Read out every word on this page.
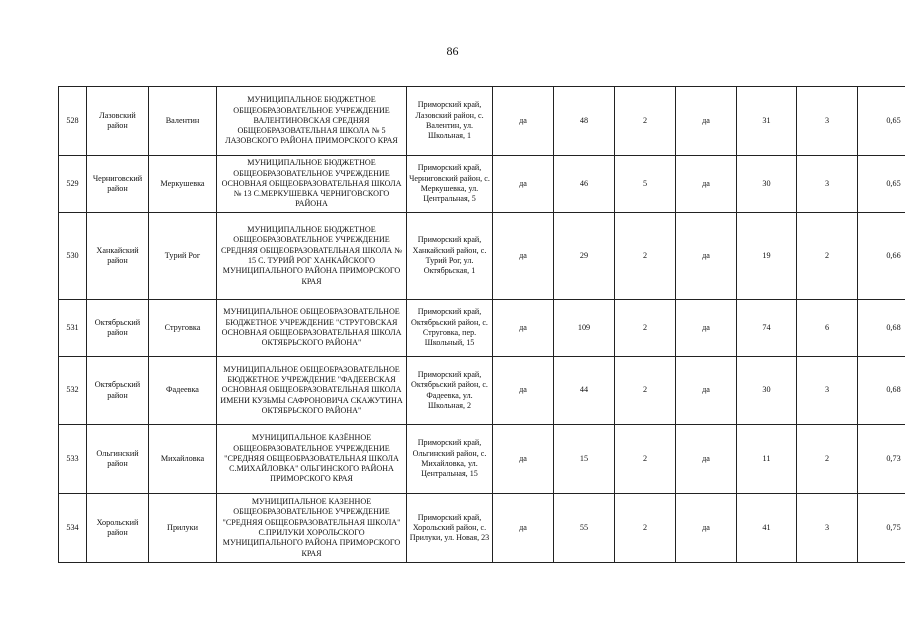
86
528	Лазовский район	Валентин	МУНИЦИПАЛЬНОЕ БЮДЖЕТНОЕ ОБЩЕОБРАЗОВАТЕЛЬНОЕ УЧРЕЖДЕНИЕ ВАЛЕНТИНОВСКАЯ СРЕДНЯЯ ОБЩЕОБРАЗОВАТЕЛЬНАЯ ШКОЛА № 5 ЛАЗОВСКОГО РАЙОНА ПРИМОРСКОГО КРАЯ	Приморский край, Лазовский район, с. Валентин, ул. Школьная, 1	да	48	2	да	31	3	0,65
529	Черниговский район	Меркушевка	МУНИЦИПАЛЬНОЕ БЮДЖЕТНОЕ ОБЩЕОБРАЗОВАТЕЛЬНОЕ УЧРЕЖДЕНИЕ ОСНОВНАЯ ОБЩЕОБРАЗОВАТЕЛЬНАЯ ШКОЛА № 13 С.МЕРКУШЕВКА ЧЕРНИГОВСКОГО РАЙОНА	Приморский край, Черниговский район, с. Меркушевка, ул. Центральная, 5	да	46	5	да	30	3	0,65
530	Ханкайский район	Турий Рог	МУНИЦИПАЛЬНОЕ БЮДЖЕТНОЕ ОБЩЕОБРАЗОВАТЕЛЬНОЕ УЧРЕЖДЕНИЕ СРЕДНЯЯ ОБЩЕОБРАЗОВАТЕЛЬНАЯ ШКОЛА № 15 С. ТУРИЙ РОГ ХАНКАЙСКОГО МУНИЦИПАЛЬНОГО РАЙОНА ПРИМОРСКОГО КРАЯ	Приморский край, Ханкайский район, с. Турий Рог, ул. Октябрьская, 1	да	29	2	да	19	2	0,66
531	Октябрьский район	Струговка	МУНИЦИПАЛЬНОЕ ОБЩЕОБРАЗОВАТЕЛЬНОЕ БЮДЖЕТНОЕ УЧРЕЖДЕНИЕ "СТРУГОВСКАЯ ОСНОВНАЯ ОБЩЕОБРАЗОВАТЕЛЬНАЯ ШКОЛА ОКТЯБРЬСКОГО РАЙОНА"	Приморский край, Октябрьский район, с. Струговка, пер. Школьный, 15	да	109	2	да	74	6	0,68
532	Октябрьский район	Фадеевка	МУНИЦИПАЛЬНОЕ ОБЩЕОБРАЗОВАТЕЛЬНОЕ БЮДЖЕТНОЕ УЧРЕЖДЕНИЕ "ФАДЕЕВСКАЯ ОСНОВНАЯ ОБЩЕОБРАЗОВАТЕЛЬНАЯ ШКОЛА ИМЕНИ КУЗЬМЫ САФРОНОВИЧА СКАЖУТИНА ОКТЯБРЬСКОГО РАЙОНА"	Приморский край, Октябрьский район, с. Фадеевка, ул. Школьная, 2	да	44	2	да	30	3	0,68
533	Ольгинский район	Михайловка	МУНИЦИПАЛЬНОЕ КАЗЁННОЕ ОБЩЕОБРАЗОВАТЕЛЬНОЕ УЧРЕЖДЕНИЕ "СРЕДНЯЯ ОБЩЕОБРАЗОВАТЕЛЬНАЯ ШКОЛА С.МИХАЙЛОВКА" ОЛЬГИНСКОГО РАЙОНА ПРИМОРСКОГО КРАЯ	Приморский край, Ольгинский район, с. Михайловка, ул. Центральная, 15	да	15	2	да	11	2	0,73
534	Хорольский район	Прилуки	МУНИЦИПАЛЬНОЕ КАЗЕННОЕ ОБЩЕОБРАЗОВАТЕЛЬНОЕ УЧРЕЖДЕНИЕ "СРЕДНЯЯ ОБЩЕОБРАЗОВАТЕЛЬНАЯ ШКОЛА" С.ПРИЛУКИ ХОРОЛЬСКОГО МУНИЦИПАЛЬНОГО РАЙОНА ПРИМОРСКОГО КРАЯ	Приморский край, Хорольский район, с. Прилуки, ул. Новая, 23	да	55	2	да	41	3	0,75
